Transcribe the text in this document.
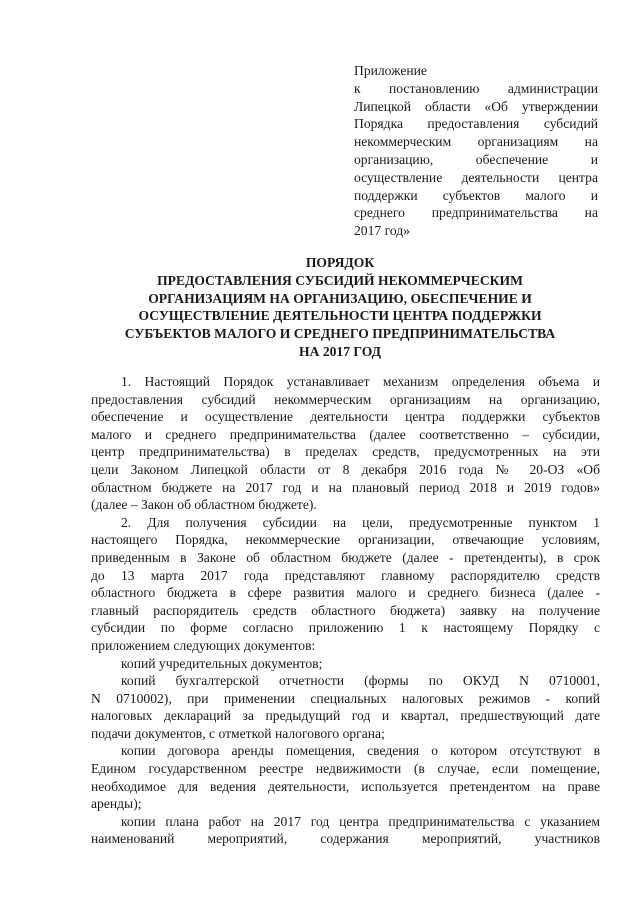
Приложение
к постановлению администрации
Липецкой области «Об утверждении
Порядка предоставления субсидий
некоммерческим организациям на
организацию, обеспечение и
осуществление деятельности центра
поддержки субъектов малого и
среднего предпринимательства на
2017 год»
ПОРЯДОК
ПРЕДОСТАВЛЕНИЯ СУБСИДИЙ НЕКОММЕРЧЕСКИМ
ОРГАНИЗАЦИЯМ НА ОРГАНИЗАЦИЮ, ОБЕСПЕЧЕНИЕ И
ОСУЩЕСТВЛЕНИЕ ДЕЯТЕЛЬНОСТИ ЦЕНТРА ПОДДЕРЖКИ
СУБЪЕКТОВ МАЛОГО И СРЕДНЕГО ПРЕДПРИНИМАТЕЛЬСТВА
НА 2017 ГОД
1. Настоящий Порядок устанавливает механизм определения объема и
предоставления субсидий некоммерческим организациям на организацию,
обеспечение и осуществление деятельности центра поддержки субъектов
малого и среднего предпринимательства (далее соответственно – субсидии,
центр предпринимательства) в пределах средств, предусмотренных на эти
цели Законом Липецкой области от 8 декабря 2016 года № 20-ОЗ «Об
областном бюджете на 2017 год и на плановый период 2018 и 2019 годов»
(далее – Закон об областном бюджете).
2. Для получения субсидии на цели, предусмотренные пунктом 1
настоящего Порядка, некоммерческие организации, отвечающие условиям,
приведенным в Законе об областном бюджете (далее - претенденты), в срок
до 13 марта 2017 года представляют главному распорядителю средств
областного бюджета в сфере развития малого и среднего бизнеса (далее -
главный распорядитель средств областного бюджета) заявку на получение
субсидии по форме согласно приложению 1 к настоящему Порядку с
приложением следующих документов:
копий учредительных документов;
копий бухгалтерской отчетности (формы по ОКУД N 0710001,
N 0710002), при применении специальных налоговых режимов - копий
налоговых деклараций за предыдущий год и квартал, предшествующий дате
подачи документов, с отметкой налогового органа;
копии договора аренды помещения, сведения о котором отсутствуют в
Едином государственном реестре недвижимости (в случае, если помещение,
необходимое для ведения деятельности, используется претендентом на праве
аренды);
копии плана работ на 2017 год центра предпринимательства с указанием
наименований мероприятий, содержания мероприятий, участников
